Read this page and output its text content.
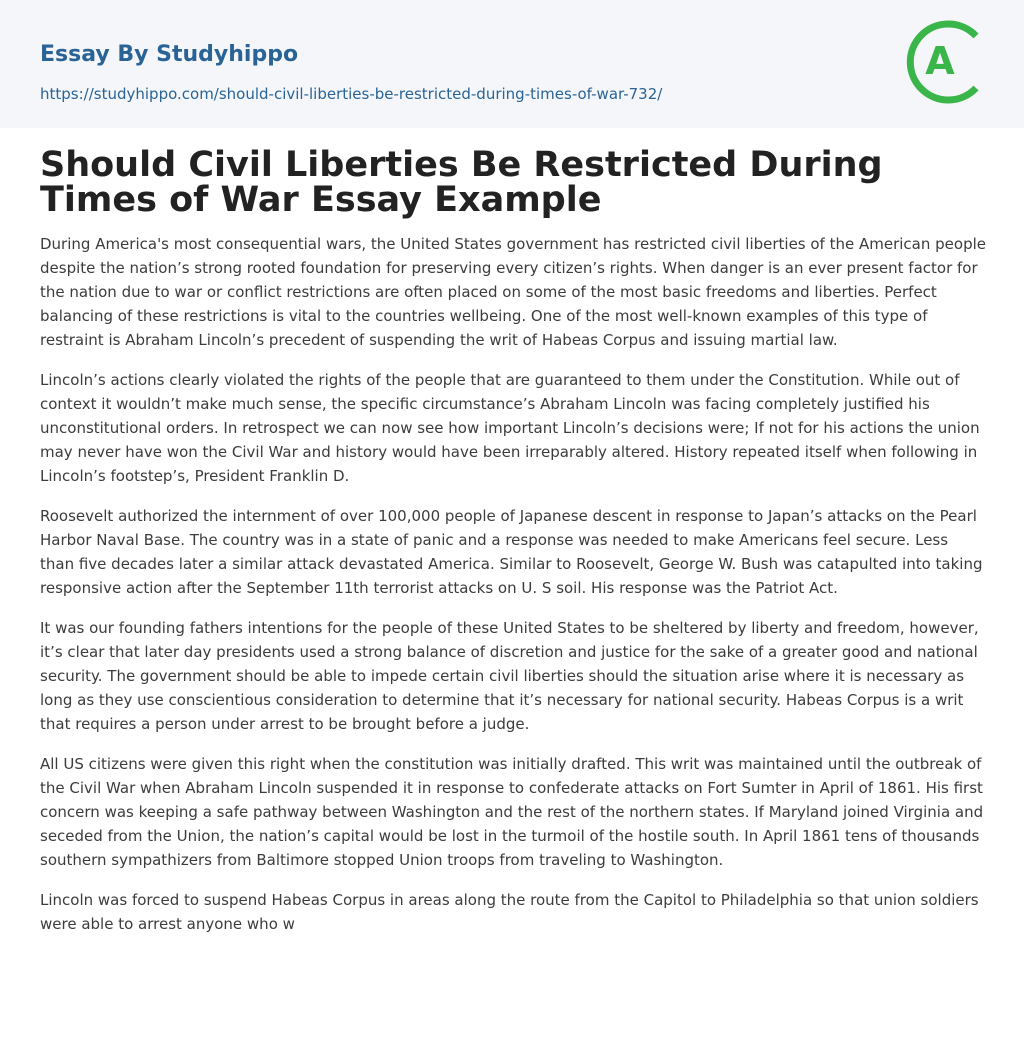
Essay By Studyhippo
https://studyhippo.com/should-civil-liberties-be-restricted-during-times-of-war-732/
A
Should Civil Liberties Be Restricted During Times of War Essay Example

During America's most consequential wars, the United States government has restricted civil liberties of the American people despite the nation’s strong rooted foundation for preserving every citizen’s rights. When danger is an ever present factor for the nation due to war or conflict restrictions are often placed on some of the most basic freedoms and liberties. Perfect balancing of these restrictions is vital to the countries wellbeing. One of the most well-known examples of this type of restraint is Abraham Lincoln’s precedent of suspending the writ of Habeas Corpus and issuing martial law.

Lincoln’s actions clearly violated the rights of the people that are guaranteed to them under the Constitution. While out of context it wouldn’t make much sense, the specific circumstance’s Abraham Lincoln was facing completely justified his unconstitutional orders. In retrospect we can now see how important Lincoln’s decisions were; If not for his actions the union may never have won the Civil War and history would have been irreparably altered. History repeated itself when following in Lincoln’s footstep’s, President Franklin D.

Roosevelt authorized the internment of over 100,000 people of Japanese descent in response to Japan’s attacks on the Pearl Harbor Naval Base. The country was in a state of panic and a response was needed to make Americans feel secure. Less than five decades later a similar attack devastated America. Similar to Roosevelt, George W. Bush was catapulted into taking responsive action after the September 11th terrorist attacks on U. S soil. His response was the Patriot Act.

It was our founding fathers intentions for the people of these United States to be sheltered by liberty and freedom, however, it’s clear that later day presidents used a strong balance of discretion and justice for the sake of a greater good and national security. The government should be able to impede certain civil liberties should the situation arise where it is necessary as long as they use conscientious consideration to determine that it’s necessary for national security. Habeas Corpus is a writ that requires a person under arrest to be brought before a judge.

All US citizens were given this right when the constitution was initially drafted. This writ was maintained until the outbreak of the Civil War when Abraham Lincoln suspended it in response to confederate attacks on Fort Sumter in April of 1861. His first concern was keeping a safe pathway between Washington and the rest of the northern states. If Maryland joined Virginia and seceded from the Union, the nation’s capital would be lost in the turmoil of the hostile south. In April 1861 tens of thousands southern sympathizers from Baltimore stopped Union troops from traveling to Washington.

Lincoln was forced to suspend Habeas Corpus in areas along the route from the Capitol to Philadelphia so that union soldiers were able to arrest anyone who w
